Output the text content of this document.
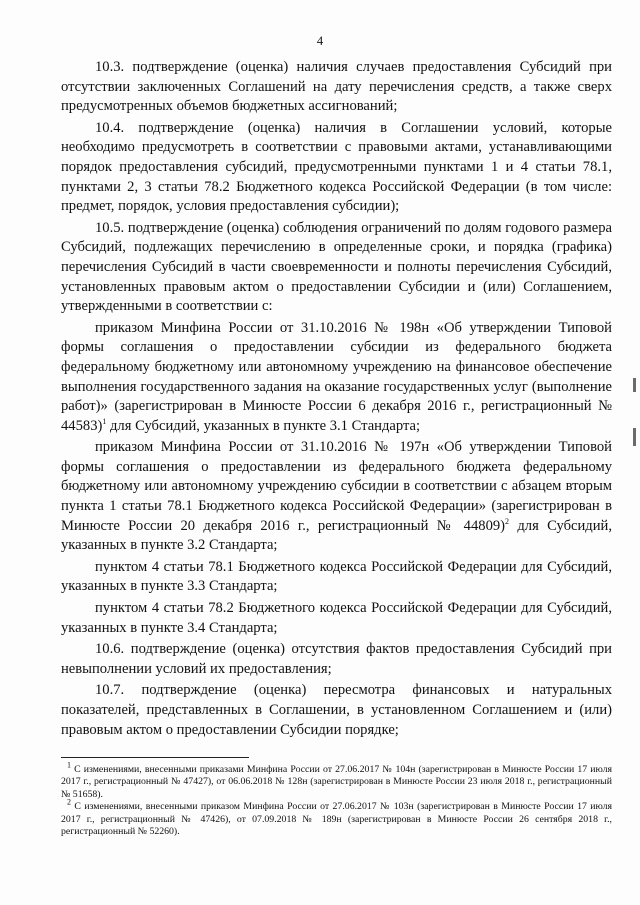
4

10.3. подтверждение (оценка) наличия случаев предоставления Субсидий при отсутствии заключенных Соглашений на дату перечисления средств, а также сверх предусмотренных объемов бюджетных ассигнований;

10.4. подтверждение (оценка) наличия в Соглашении условий, которые необходимо предусмотреть в соответствии с правовыми актами, устанавливающими порядок предоставления субсидий, предусмотренными пунктами 1 и 4 статьи 78.1, пунктами 2, 3 статьи 78.2 Бюджетного кодекса Российской Федерации (в том числе: предмет, порядок, условия предоставления субсидии);

10.5. подтверждение (оценка) соблюдения ограничений по долям годового размера Субсидий, подлежащих перечислению в определенные сроки, и порядка (графика) перечисления Субсидий в части своевременности и полноты перечисления Субсидий, установленных правовым актом о предоставлении Субсидии и (или) Соглашением, утвержденными в соответствии с:

приказом Минфина России от 31.10.2016 № 198н «Об утверждении Типовой формы соглашения о предоставлении субсидии из федерального бюджета федеральному бюджетному или автономному учреждению на финансовое обеспечение выполнения государственного задания на оказание государственных услуг (выполнение работ)» (зарегистрирован в Минюсте России 6 декабря 2016 г., регистрационный № 44583)$^1$ для Субсидий, указанных в пункте 3.1 Стандарта;

приказом Минфина России от 31.10.2016 № 197н «Об утверждении Типовой формы соглашения о предоставлении из федерального бюджета федеральному бюджетному или автономному учреждению субсидии в соответствии с абзацем вторым пункта 1 статьи 78.1 Бюджетного кодекса Российской Федерации» (зарегистрирован в Минюсте России 20 декабря 2016 г., регистрационный № 44809)$^2$ для Субсидий, указанных в пункте 3.2 Стандарта;

пунктом 4 статьи 78.1 Бюджетного кодекса Российской Федерации для Субсидий, указанных в пункте 3.3 Стандарта;

пунктом 4 статьи 78.2 Бюджетного кодекса Российской Федерации для Субсидий, указанных в пункте 3.4 Стандарта;

10.6. подтверждение (оценка) отсутствия фактов предоставления Субсидий при невыполнении условий их предоставления;

10.7. подтверждение (оценка) пересмотра финансовых и натуральных показателей, представленных в Соглашении, в установленном Соглашением и (или) правовым актом о предоставлении Субсидии порядке;

$^1$ С изменениями, внесенными приказами Минфина России от 27.06.2017 № 104н (зарегистрирован в Минюсте России 17 июля 2017 г., регистрационный № 47427), от 06.06.2018 № 128н (зарегистрирован в Минюсте России 23 июля 2018 г., регистрационный № 51658).

$^2$ С изменениями, внесенными приказом Минфина России от 27.06.2017 № 103н (зарегистрирован в Минюсте России 17 июля 2017 г., регистрационный № 47426), от 07.09.2018 № 189н (зарегистрирован в Минюсте России 26 сентября 2018 г., регистрационный № 52260).
